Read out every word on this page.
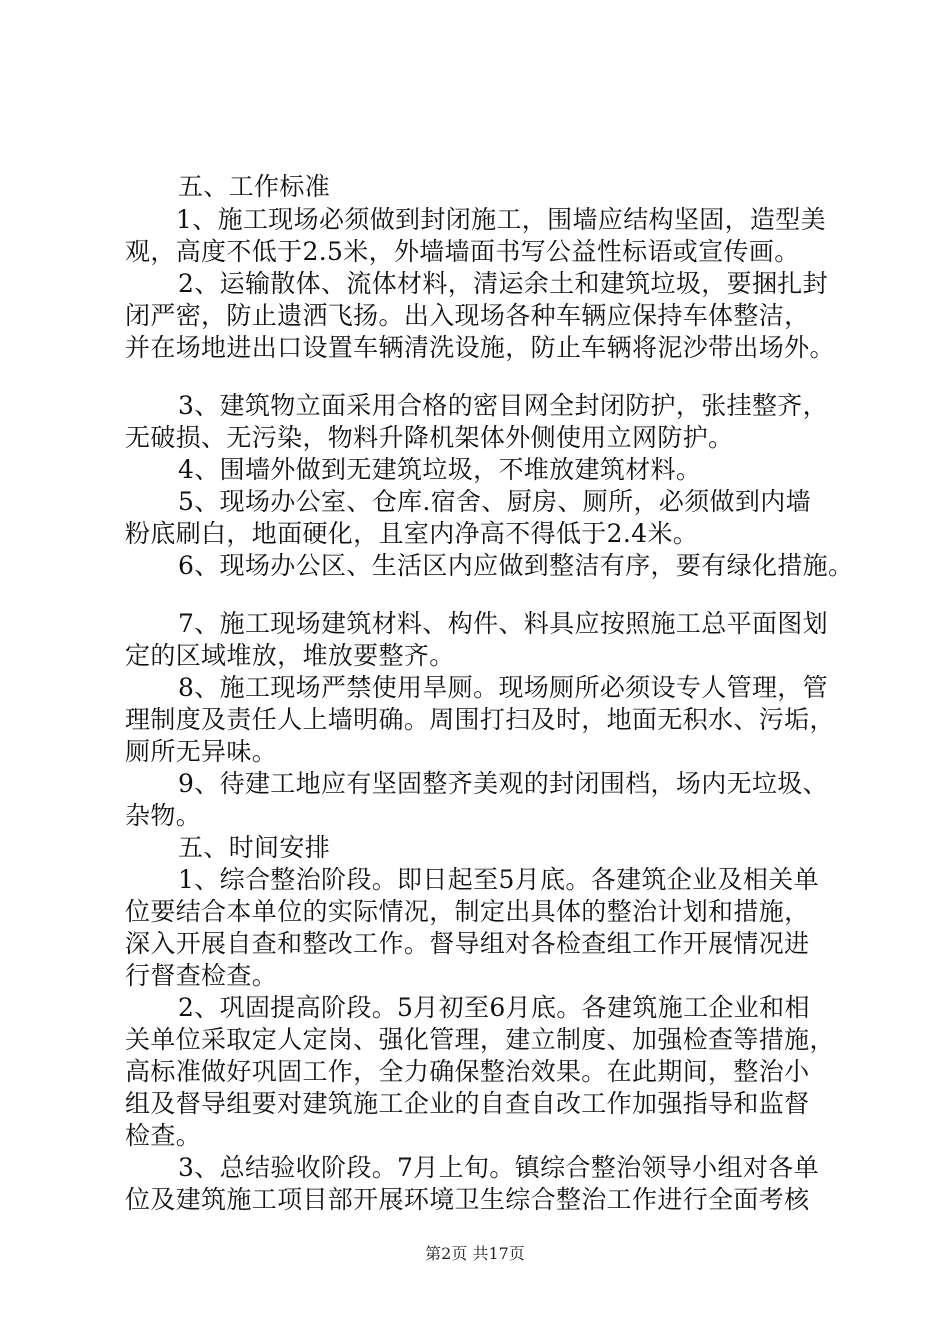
五、工作标准
1、施工现场必须做到封闭施工，围墙应结构坚固，造型美
观，高度不低于2.5米，外墙墙面书写公益性标语或宣传画。
2、运输散体、流体材料，清运余土和建筑垃圾，要捆扎封
闭严密，防止遗洒飞扬。出入现场各种车辆应保持车体整洁，
并在场地进出口设置车辆清洗设施，防止车辆将泥沙带出场外。
3、建筑物立面采用合格的密目网全封闭防护，张挂整齐，
无破损、无污染，物料升降机架体外侧使用立网防护。
4、围墙外做到无建筑垃圾，不堆放建筑材料。
5、现场办公室、仓库.宿舍、厨房、厕所，必须做到内墙
粉底刷白，地面硬化，且室内净高不得低于2.4米。
6、现场办公区、生活区内应做到整洁有序，要有绿化措施。
7、施工现场建筑材料、构件、料具应按照施工总平面图划
定的区域堆放，堆放要整齐。
8、施工现场严禁使用旱厕。现场厕所必须设专人管理，管
理制度及责任人上墙明确。周围打扫及时，地面无积水、污垢，
厕所无异味。
9、待建工地应有坚固整齐美观的封闭围档，场内无垃圾、
杂物。
五、时间安排
1、综合整治阶段。即日起至5月底。各建筑企业及相关单
位要结合本单位的实际情况，制定出具体的整治计划和措施，
深入开展自查和整改工作。督导组对各检查组工作开展情况进
行督查检查。
2、巩固提高阶段。5月初至6月底。各建筑施工企业和相
关单位采取定人定岗、强化管理，建立制度、加强检查等措施，
高标准做好巩固工作，全力确保整治效果。在此期间，整治小
组及督导组要对建筑施工企业的自查自改工作加强指导和监督
检查。
3、总结验收阶段。7月上旬。镇综合整治领导小组对各单
位及建筑施工项目部开展环境卫生综合整治工作进行全面考核
第2页 共17页
